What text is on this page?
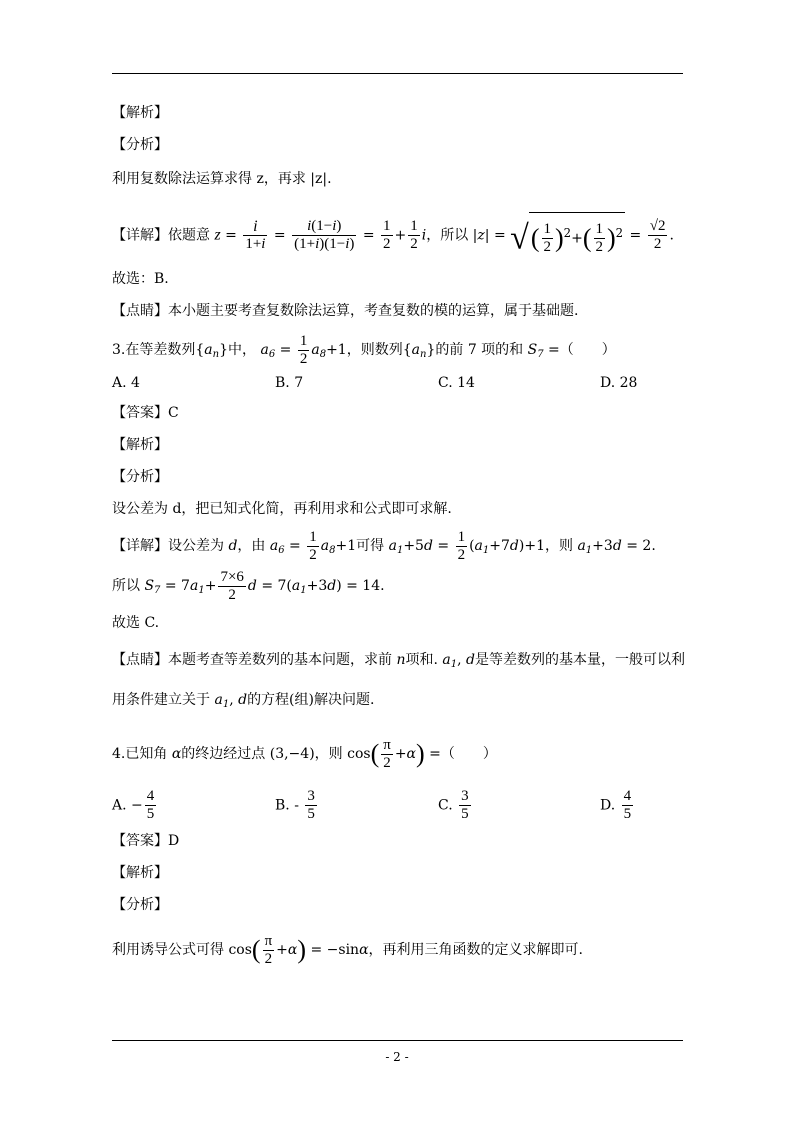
【解析】
【分析】
利用复数除法运算求得 z，再求 |z|.
【详解】依题意 $z = \frac{i}{1+i} = \frac{i(1-i)}{(1+i)(1-i)} = \frac{1}{2} + \frac{1}{2}$ i，所以 |z| = √( $\frac{1}{2} )^2+( \frac{1}{2} )^2 = \frac{√2}{2}$ .
故选：B.
【点睛】本小题主要考查复数除法运算，考查复数的模的运算，属于基础题.
3.在等差数列$\{a_n\}$中， $a_6 = \frac{1}{2} a_8+1$，则数列$\{a_n\}$的前 7 项的和 $S_7$ =（　　）
A. 4	B. 7	C. 14	D. 28
【答案】C
【解析】
【分析】
设公差为 d，把已知式化简，再利用求和公式即可求解.
【详解】设公差为 d，由 $a_6 = \frac{1}{2} a_8+1$可得 $a_1+5d = \frac{1}{2} (a_1+7d)+1$，则 $a_1+3d = 2$.
所以 $S_7 = 7a_1+ \frac{7\times 6}{2}$ $d = 7(a_1+3d) = 14$.
故选 C.
【点睛】本题考查等差数列的基本问题，求前 n项和. $a_1$, d是等差数列的基本量，一般可以利
用条件建立关于 $a_1$, d的方程(组)解决问题.
4.已知角 α的终边经过点 (3,−4)，则 $\cos( \frac{\pi}{2} +\alpha)$ =（　　）
A. − $\frac{4}{5}$	B. - $\frac{3}{5}$	C. $\frac{3}{5}$	D. $\frac{4}{5}$
【答案】D
【解析】
【分析】
利用诱导公式可得 $\cos( \frac{\pi}{2} +\alpha) = -\sin\alpha$，再利用三角函数的定义求解即可.
- 2 -
